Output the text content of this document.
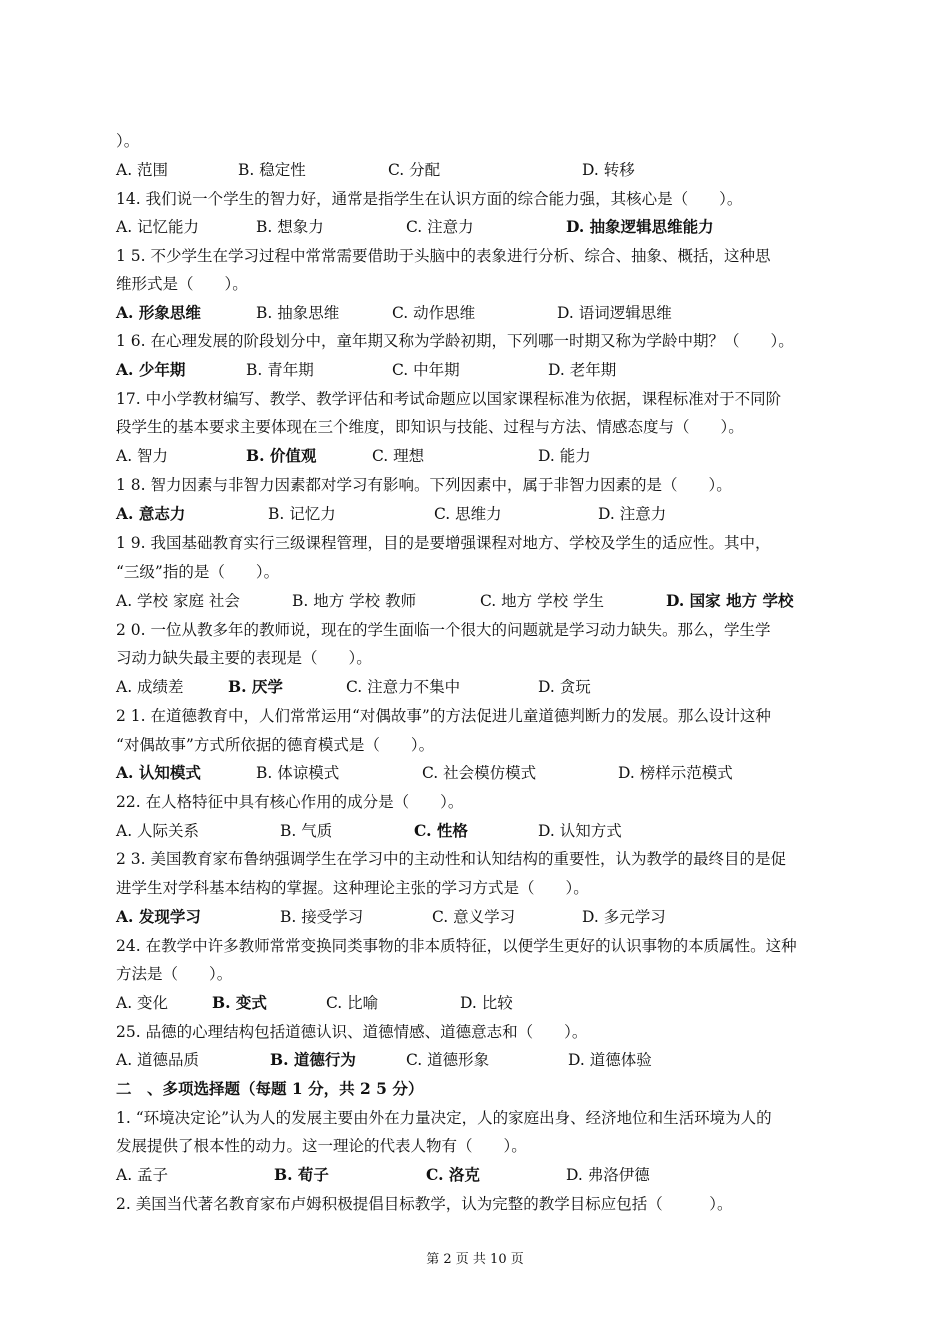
）。
A. 范围	B. 稳定性	C. 分配	D. 转移
14. 我们说一个学生的智力好，通常是指学生在认识方面的综合能力强，其核心是（　　）。
A. 记忆能力	B. 想象力	C. 注意力	D. 抽象逻辑思维能力
1 5. 不少学生在学习过程中常常需要借助于头脑中的表象进行分析、综合、抽象、概括，这种思
维形式是（　　）。
A. 形象思维	B. 抽象思维	C. 动作思维	D. 语词逻辑思维
1 6. 在心理发展的阶段划分中，童年期又称为学龄初期，下列哪一时期又称为学龄中期？（　　）。
A. 少年期	B. 青年期	C. 中年期	D. 老年期
17. 中小学教材编写、教学、教学评估和考试命题应以国家课程标准为依据，课程标准对于不同阶
段学生的基本要求主要体现在三个维度，即知识与技能、过程与方法、情感态度与（　　）。
A. 智力	B. 价值观	C. 理想	D. 能力
1 8. 智力因素与非智力因素都对学习有影响。下列因素中，属于非智力因素的是（　　）。
A. 意志力	B. 记忆力	C. 思维力	D. 注意力
1 9. 我国基础教育实行三级课程管理，目的是要增强课程对地方、学校及学生的适应性。其中，
“三级”指的是（　　）。
A. 学校 家庭 社会	B. 地方 学校 教师	C. 地方 学校 学生	D. 国家 地方 学校
2 0. 一位从教多年的教师说，现在的学生面临一个很大的问题就是学习动力缺失。那么，学生学
习动力缺失最主要的表现是（　　）。
A. 成绩差	B. 厌学	C. 注意力不集中	D. 贪玩
2 1. 在道德教育中，人们常常运用“对偶故事”的方法促进儿童道德判断力的发展。那么设计这种
“对偶故事”方式所依据的德育模式是（　　）。
A. 认知模式	B. 体谅模式	C. 社会模仿模式	D. 榜样示范模式
22. 在人格特征中具有核心作用的成分是（　　）。
A. 人际关系	B. 气质	C. 性格	D. 认知方式
2 3. 美国教育家布鲁纳强调学生在学习中的主动性和认知结构的重要性，认为教学的最终目的是促
进学生对学科基本结构的掌握。这种理论主张的学习方式是（　　）。
A. 发现学习	B. 接受学习	C. 意义学习	D. 多元学习
24. 在教学中许多教师常常变换同类事物的非本质特征，以便学生更好的认识事物的本质属性。这种
方法是（　　）。
A. 变化	B. 变式	C. 比喻	D. 比较
25. 品德的心理结构包括道德认识、道德情感、道德意志和（　　）。
A. 道德品质	B. 道德行为	C. 道德形象	D. 道德体验
二　、多项选择题（每题 1 分，共 2 5 分）
1. “环境决定论”认为人的发展主要由外在力量决定，人的家庭出身、经济地位和生活环境为人的
发展提供了根本性的动力。这一理论的代表人物有（　　）。
A. 孟子	B. 荀子	C. 洛克	D. 弗洛伊德
2. 美国当代著名教育家布卢姆积极提倡目标教学，认为完整的教学目标应包括（　　　）。
第 2 页 共 10 页
